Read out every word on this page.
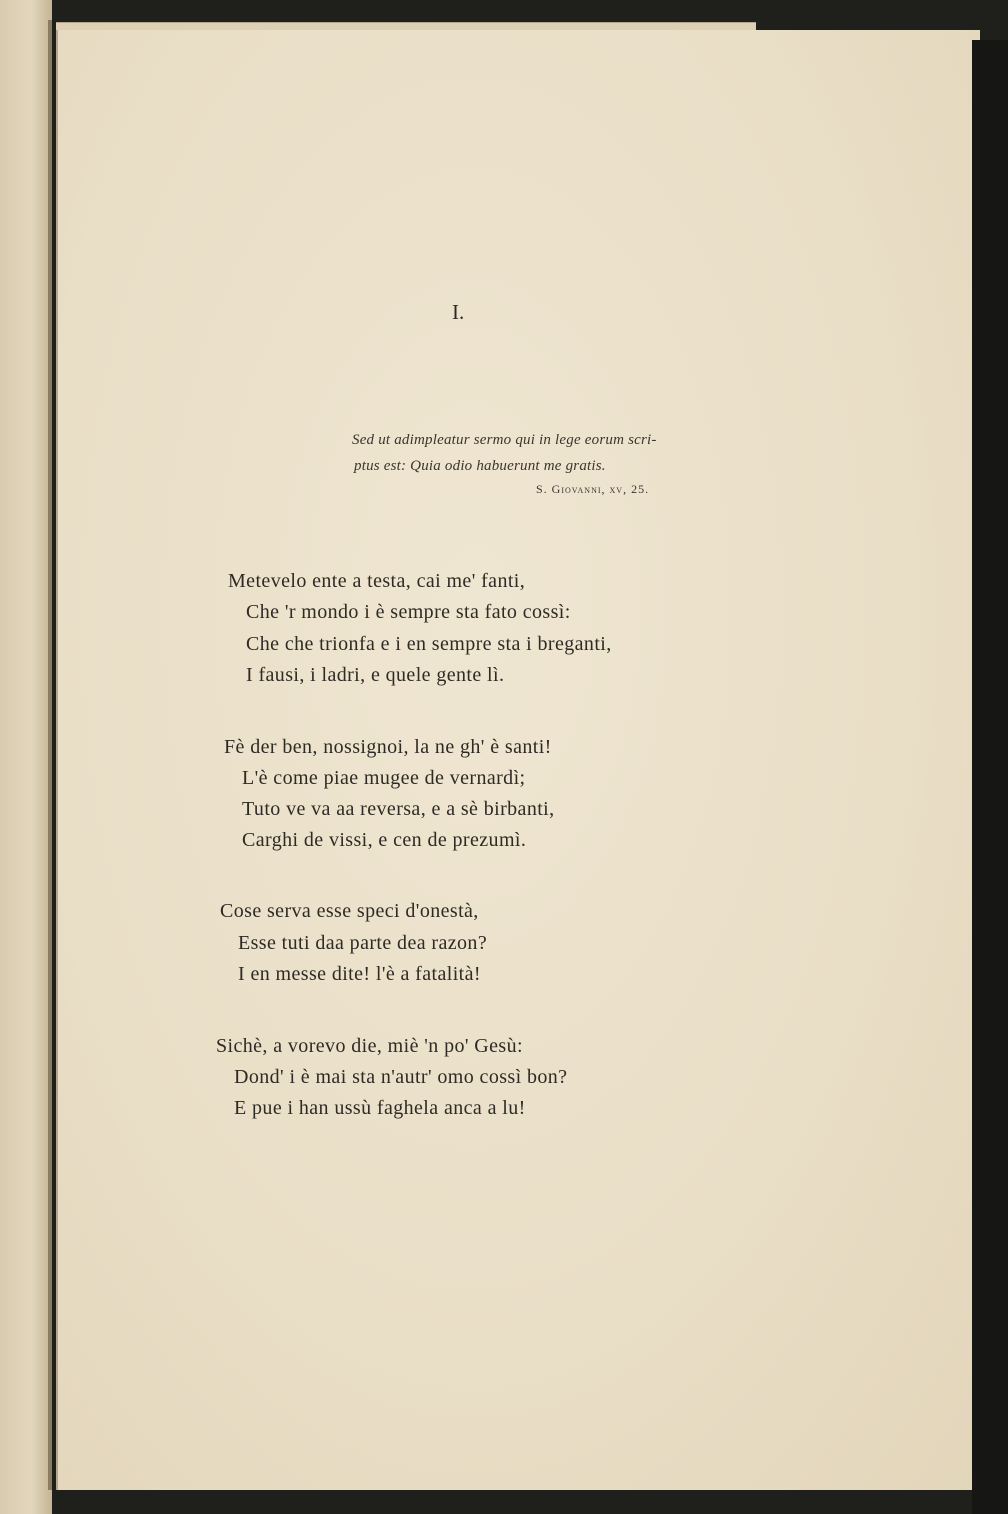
I.
Sed ut adimpleatur sermo qui in lege eorum scri-
ptus est: Quia odio habuerunt me gratis.
S. Giovanni, xv, 25.
Metevelo ente a testa, cai me' fanti,
Che 'r mondo i è sempre sta fato cossì:
Che che trionfa e i en sempre sta i breganti,
I fausi, i ladri, e quele gente lì.
Fè der ben, nossignoi, la ne gh' è santi!
L'è come piae mugee de vernardì;
Tuto ve va aa reversa, e a sè birbanti,
Carghi de vissi, e cen de prezumì.
Cose serva esse speci d'onestà,
Esse tuti daa parte dea razon?
I en messe dite! l'è a fatalità!
Sichè, a vorevo die, miè 'n po' Gesù:
Dond' i è mai sta n'autr' omo cossì bon?
E pue i han ussù faghela anca a lu!
